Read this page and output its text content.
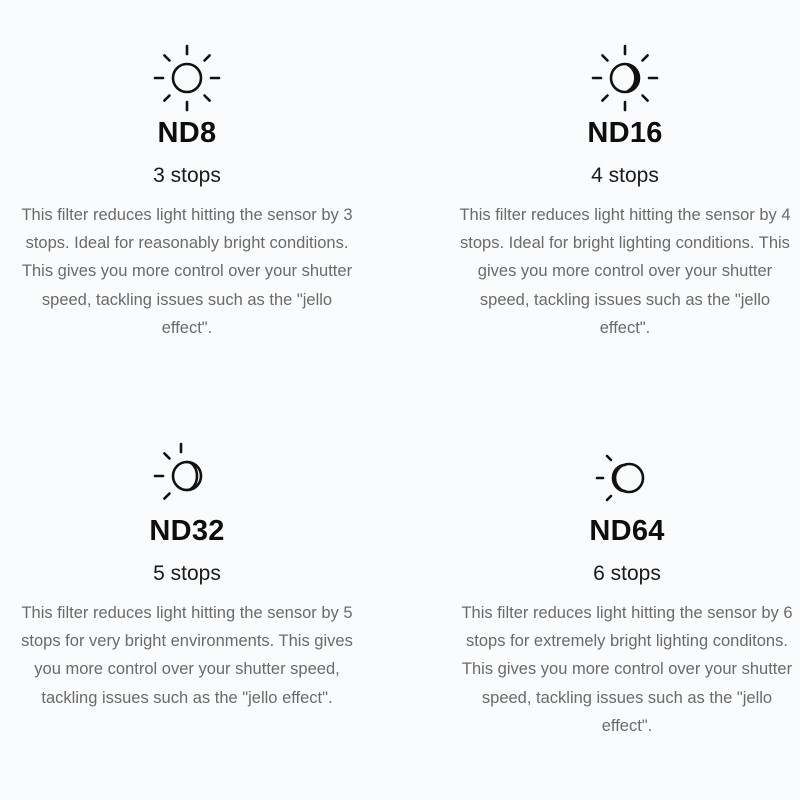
ND8
3 stops
This filter reduces light hitting the sensor by 3 stops. Ideal for reasonably bright conditions. This gives you more control over your shutter speed, tackling issues such as the "jello effect".
ND16
4 stops
This filter reduces light hitting the sensor by 4 stops. Ideal for bright lighting conditions. This gives you more control over your shutter speed, tackling issues such as the "jello effect".
ND32
5 stops
This filter reduces light hitting the sensor by 5 stops for very bright environments. This gives you more control over your shutter speed, tackling issues such as the "jello effect".
ND64
6 stops
This filter reduces light hitting the sensor by 6 stops for extremely bright lighting conditons. This gives you more control over your shutter speed, tackling issues such as the "jello effect".
